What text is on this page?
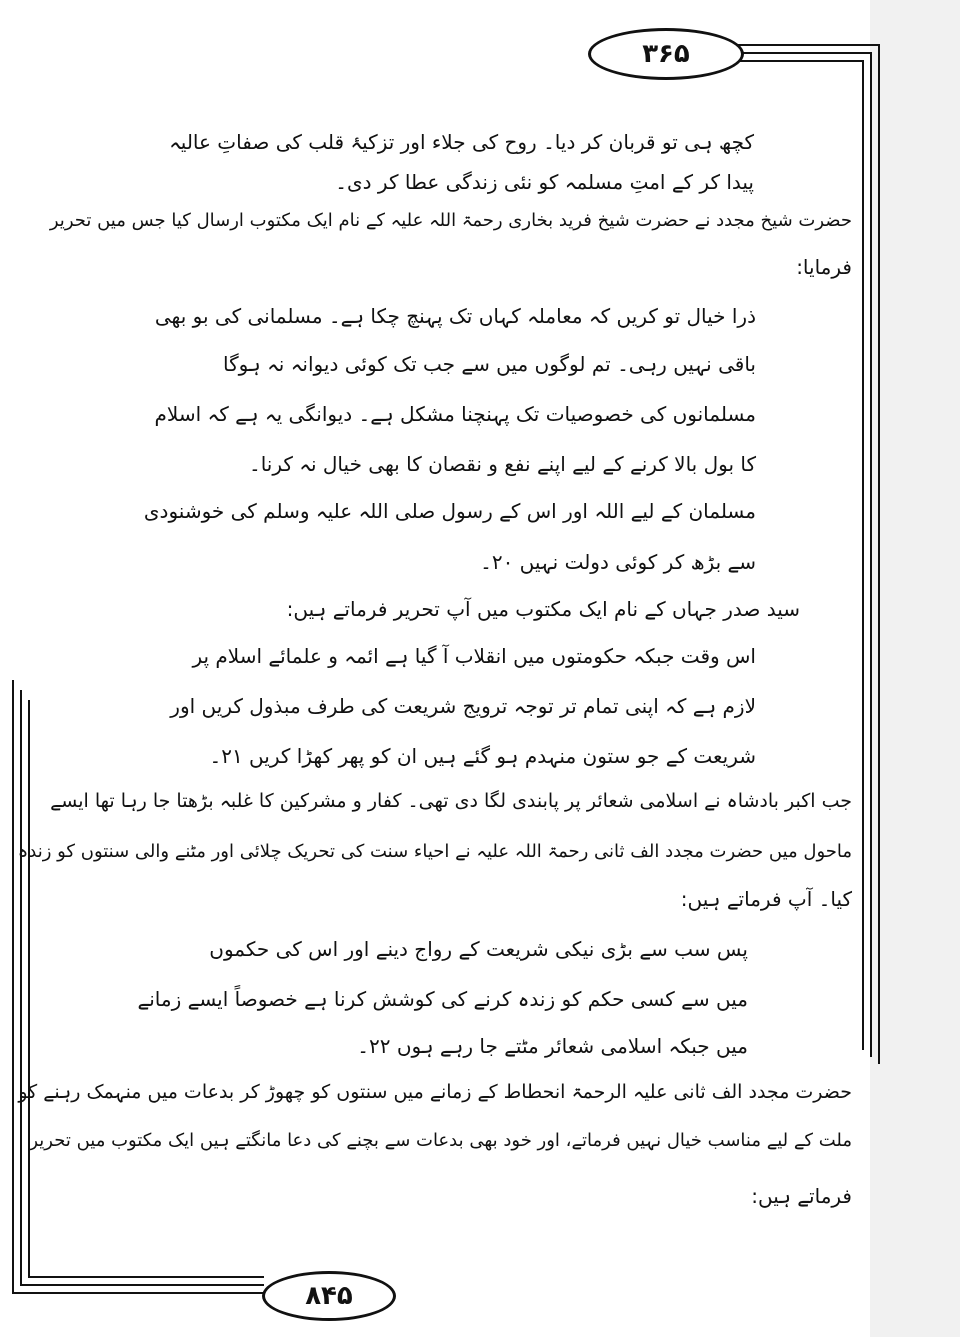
۳۶۵
۸۴۵
کچھ ہی تو قربان کر دیا۔ روح کی جلاء اور تزکیۂ قلب کی صفاتِ عالیہ
پیدا کر کے امتِ مسلمہ کو نئی زندگی عطا کر دی۔
حضرت شیخ مجدد نے حضرت شیخ فرید بخاری رحمۃ اللہ علیہ کے نام ایک مکتوب ارسال کیا جس میں تحریر
فرمایا:
ذرا خیال تو کریں کہ معاملہ کہاں تک پہنچ چکا ہے۔ مسلمانی کی بو بھی
باقی نہیں رہی۔ تم لوگوں میں سے جب تک کوئی دیوانہ نہ ہوگا
مسلمانوں کی خصوصیات تک پہنچنا مشکل ہے۔ دیوانگی یہ ہے کہ اسلام
کا بول بالا کرنے کے لیے اپنے نفع و نقصان کا بھی خیال نہ کرنا۔
مسلمان کے لیے اللہ اور اس کے رسول صلی اللہ علیہ وسلم کی خوشنودی
سے بڑھ کر کوئی دولت نہیں ۲۰۔
سید صدر جہاں کے نام ایک مکتوب میں آپ تحریر فرماتے ہیں:
اس وقت جبکہ حکومتوں میں انقلاب آ گیا ہے ائمہ و علمائے اسلام پر
لازم ہے کہ اپنی تمام تر توجہ ترویج شریعت کی طرف مبذول کریں اور
شریعت کے جو ستون منہدم ہو گئے ہیں ان کو پھر کھڑا کریں ۲۱۔
جب اکبر بادشاہ نے اسلامی شعائر پر پابندی لگا دی تھی۔ کفار و مشرکین کا غلبہ بڑھتا جا رہا تھا ایسے
ماحول میں حضرت مجدد الف ثانی رحمۃ اللہ علیہ نے احیاء سنت کی تحریک چلائی اور مٹنے والی سنتوں کو زندہ
کیا۔ آپ فرماتے ہیں:
پس سب سے بڑی نیکی شریعت کے رواج دینے اور اس کی حکموں
میں سے کسی حکم کو زندہ کرنے کی کوشش کرنا ہے خصوصاً ایسے زمانے
میں جبکہ اسلامی شعائر مٹتے جا رہے ہوں ۲۲۔
حضرت مجدد الف ثانی علیہ الرحمۃ انحطاط کے زمانے میں سنتوں کو چھوڑ کر بدعات میں منہمک رہنے کو
ملت کے لیے مناسب خیال نہیں فرماتے، اور خود بھی بدعات سے بچنے کی دعا مانگتے ہیں ایک مکتوب میں تحریر
فرماتے ہیں:
